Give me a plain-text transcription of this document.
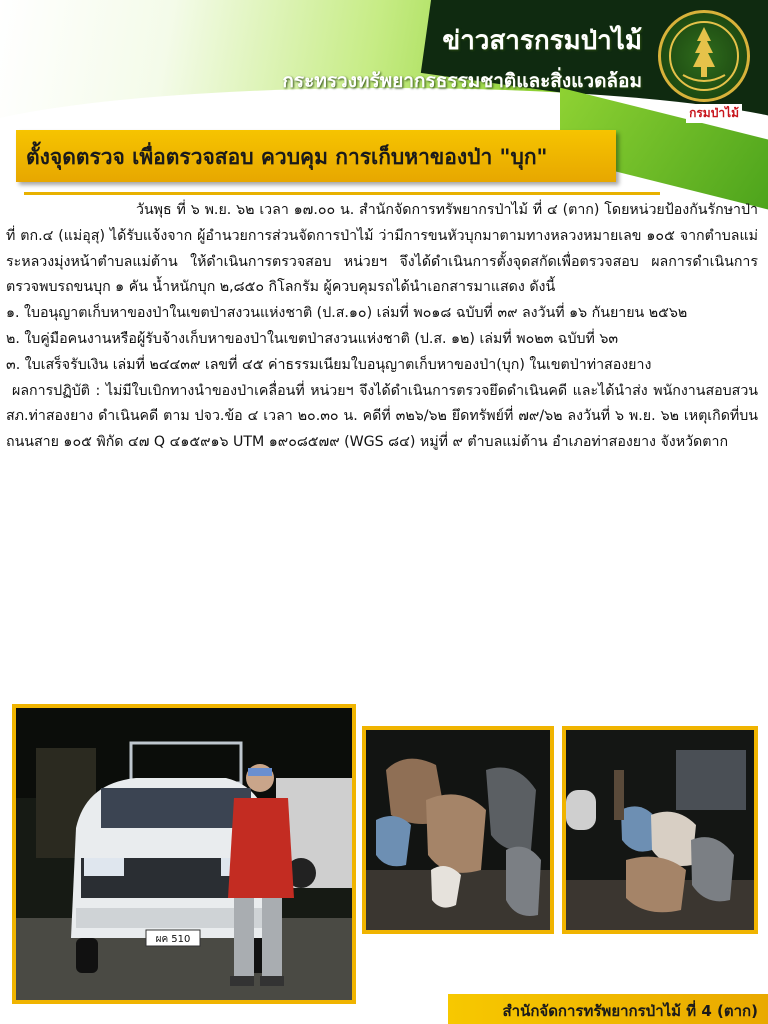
ข่าวสารกรมป่าไม้
กระทรวงทรัพยากรธรรมชาติและสิ่งแวดล้อม
กรมป่าไม้
ตั้งจุดตรวจ เพื่อตรวจสอบ ควบคุม การเก็บหาของป่า "บุก"

วันพุธ ที่ ๖ พ.ย. ๖๒ เวลา ๑๗.๐๐ น. สำนักจัดการทรัพยากรป่าไม้ ที่ ๔ (ตาก) โดยหน่วยป้องกันรักษาป่าที่ ตก.๔ (แม่อุสุ) ได้รับแจ้งจาก ผู้อำนวยการส่วนจัดการป่าไม้ ว่ามีการขนหัวบุกมาตามทางหลวงหมายเลข ๑๐๕ จากตำบลแม่ระหลวงมุ่งหน้าตำบลแม่ต้าน ให้ดำเนินการตรวจสอบ หน่วยฯ จึงได้ดำเนินการตั้งจุดสกัดเพื่อตรวจสอบ ผลการดำเนินการ ตรวจพบรถขนบุก ๑ คัน น้ำหนักบุก ๒,๘๕๐ กิโลกรัม ผู้ควบคุมรถได้นำเอกสารมาแสดง ดังนี้

๑. ใบอนุญาตเก็บหาของป่าในเขตป่าสงวนแห่งชาติ (ป.ส.๑๐) เล่มที่ พ๐๑๘ ฉบับที่ ๓๙ ลงวันที่ ๑๖ กันยายน ๒๕๖๒

๒. ใบคู่มือคนงานหรือผู้รับจ้างเก็บหาของป่าในเขตป่าสงวนแห่งชาติ (ป.ส. ๑๒) เล่มที่ พ๐๒๓ ฉบับที่ ๖๓

๓. ใบเสร็จรับเงิน เล่มที่ ๒๔๔๓๙ เลขที่ ๔๕ ค่าธรรมเนียมใบอนุญาตเก็บหาของป่า(บุก) ในเขตป่าท่าสองยาง

ผลการปฏิบัติ : ไม่มีใบเบิกทางนำของป่าเคลื่อนที่ หน่วยฯ จึงได้ดำเนินการตรวจยึดดำเนินคดี และได้นำส่ง พนักงานสอบสวน สภ.ท่าสองยาง ดำเนินคดี ตาม ปจว.ข้อ ๔ เวลา ๒๐.๓๐ น. คดีที่ ๓๒๖/๖๒ ยึดทรัพย์ที่ ๗๙/๖๒ ลงวันที่ ๖ พ.ย. ๖๒ เหตุเกิดที่บนถนนสาย ๑๐๕ พิกัด ๔๗ Q ๔๑๕๙๑๖ UTM ๑๙๐๘๕๗๙ (WGS ๘๔) หมู่ที่ ๙ ตำบลแม่ต้าน อำเภอท่าสองยาง จังหวัดตาก

ผค 510
สำนักจัดการทรัพยากรป่าไม้ ที่ 4 (ตาก)
